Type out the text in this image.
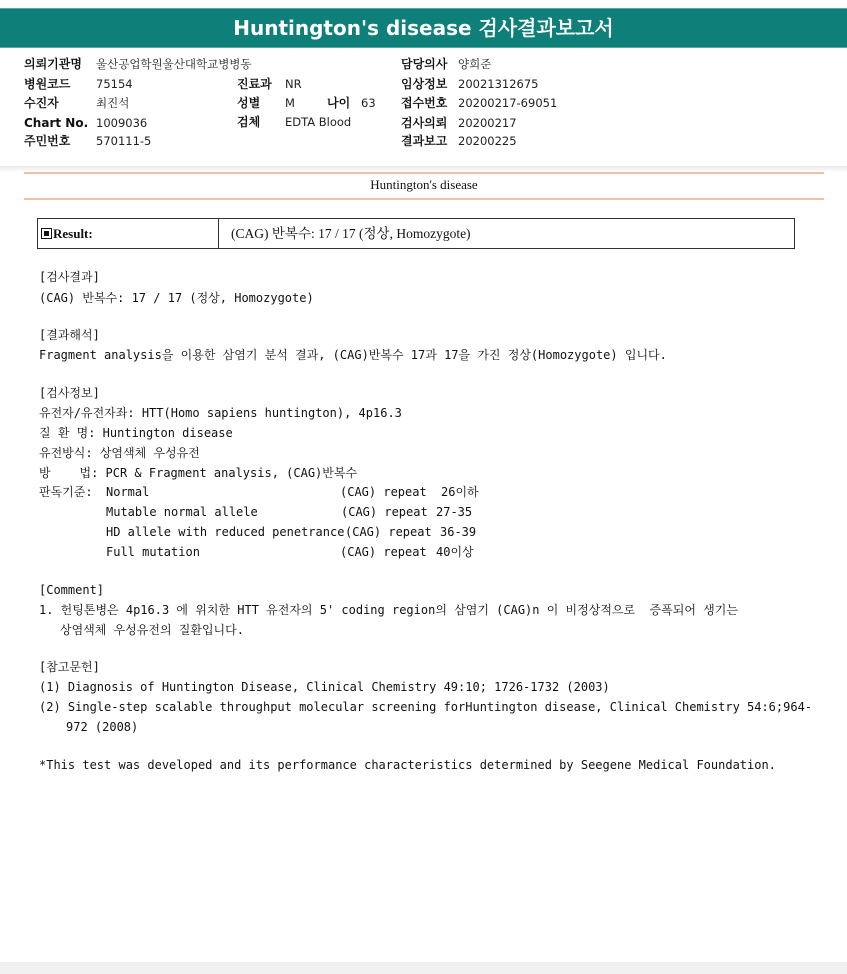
Huntington's disease 검사결과보고서
의뢰기관명 울산공업학원울산대학교병병동
병원코드 75154
수진자	최진석
Chart No. 1009036
주민번호 570111-5
진료과 NR
성별 M	나이 63
검체 EDTA Blood
담당의사 양희준
임상정보 20021312675
접수번호 20200217-69051
검사의뢰 20200217
결과보고 20200225
Huntington's disease
Result:	(CAG) 반복수: 17 / 17 (정상, Homozygote)
[검사결과]
(CAG) 반복수: 17 / 17 (정상, Homozygote)
[결과해석]
Fragment analysis을 이용한 삼염기 분석 결과, (CAG)반복수 17과 17을 가진 정상(Homozygote) 입니다.
[검사정보]
유전자/유전자좌: HTT(Homo sapiens huntington), 4p16.3
질 환 명: Huntington disease
유전방식: 상염색체 우성유전
방    법: PCR & Fragment analysis, (CAG)반복수
판독기준: Normal	(CAG) repeat 26이하
Mutable normal allele	(CAG) repeat 27-35
HD allele with reduced penetrance (CAG) repeat 36-39
Full mutation	(CAG) repeat 40이상
[Comment]
1. 헌팅톤병은 4p16.3 에 위치한 HTT 유전자의 5' coding region의 삼염기 (CAG)n 이 비정상적으로  증폭되어 생기는
상염색체 우성유전의 질환입니다.
[참고문헌]
(1) Diagnosis of Huntington Disease, Clinical Chemistry 49:10; 1726-1732 (2003)
(2) Single-step scalable throughput molecular screening forHuntington disease, Clinical Chemistry 54:6;964-
972 (2008)
*This test was developed and its performance characteristics determined by Seegene Medical Foundation.
